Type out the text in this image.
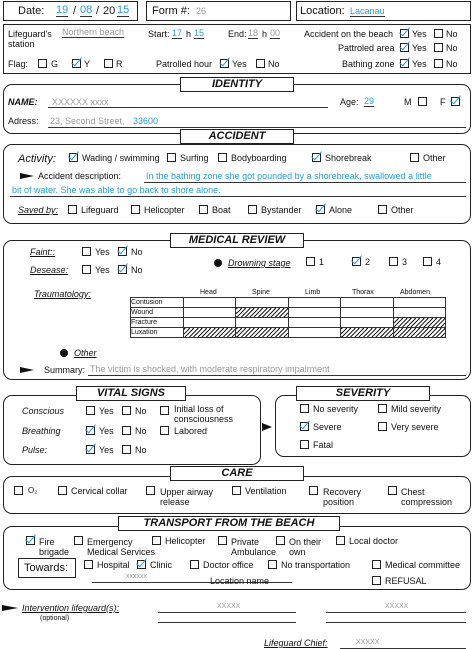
Date: 19 / 08 / 20 15 Form #: 26	Location: Lacanau
Lifeguard's station
Northern beach	Start: 17 h 15	End: 18 h 00	Accident on the beach Yes No
Pattroled area Yes No
Flag:	G	Y	R	Patrolled hour Yes No	Bathing zone Yes No
IDENTITY
NAME: XXXXXX xxxx	Age: 29	M	F
Adress: 23, Second Street, 33600
ACCIDENT
Activity:	Wading / swimming Surfing Bodyboarding	Shorebreak	Other
Accident description:	In the bathing zone she got pounded by a shorebreak, swallowed a little
bit of water. She was able to go back to shore alone.
Saved by:	Lifeguard	Helicopter	Boat	Bystander	Alone	Other
MEDICAL REVIEW
Faint::	Yes No
Desease:	Yes No
Drowning stage	1	2	3	4
Traumatology:	Head	Spine	Limb	Thorax	Abdomen
Contusion					
Wound					
Fracture					
Luxation					
Other
Summary: The victim is shocked, with moderate respiratory impairment
VITAL SIGNS
Conscious	Yes No	Initial loss of consciousness
Breathing	Yes No	Labored
Pulse:	Yes No
SEVERITY
No severity	Mild severity
Severe	Very severe
Fatal
CARE
O₂	Cervical collar	Upper airway release
Ventilation	Recovery position
Chest compression
TRANSPORT FROM THE BEACH
Fire brigade
Emergency Medical Services
Helicopter	Private Ambulance
On their own
Local doctor
Towards:	Hospital Clinic	Doctor office	No transportation	Medical committee
xxxxxx	Location name	REFUSAL
Intervention lifeguard(s):
(optional)
XXXXX	XXXXX
Lifeguard Chief:	XXXXX
